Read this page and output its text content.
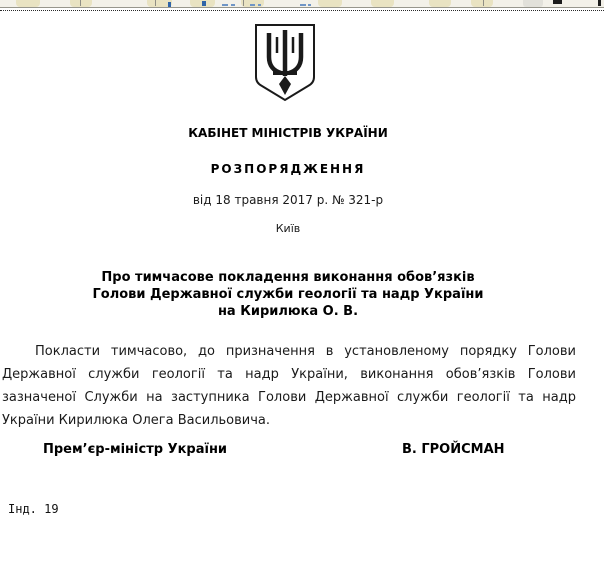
КАБІНЕТ МІНІСТРІВ УКРАЇНИ
РОЗПОРЯДЖЕННЯ
від 18 травня 2017 р. № 321-р
Київ
Про тимчасове покладення виконання обов’язків
Голови Державної служби геології та надр України
на Кирилюка О. В.

Покласти тимчасово, до призначення в установленому порядку Голови Державної служби геології та надр України, виконання обов’язків Голови зазначеної Служби на заступника Голови Державної служби геології та надр України Кирилюка Олега Васильовича.

Прем’єр-міністр України	В. ГРОЙСМАН
Інд. 19
